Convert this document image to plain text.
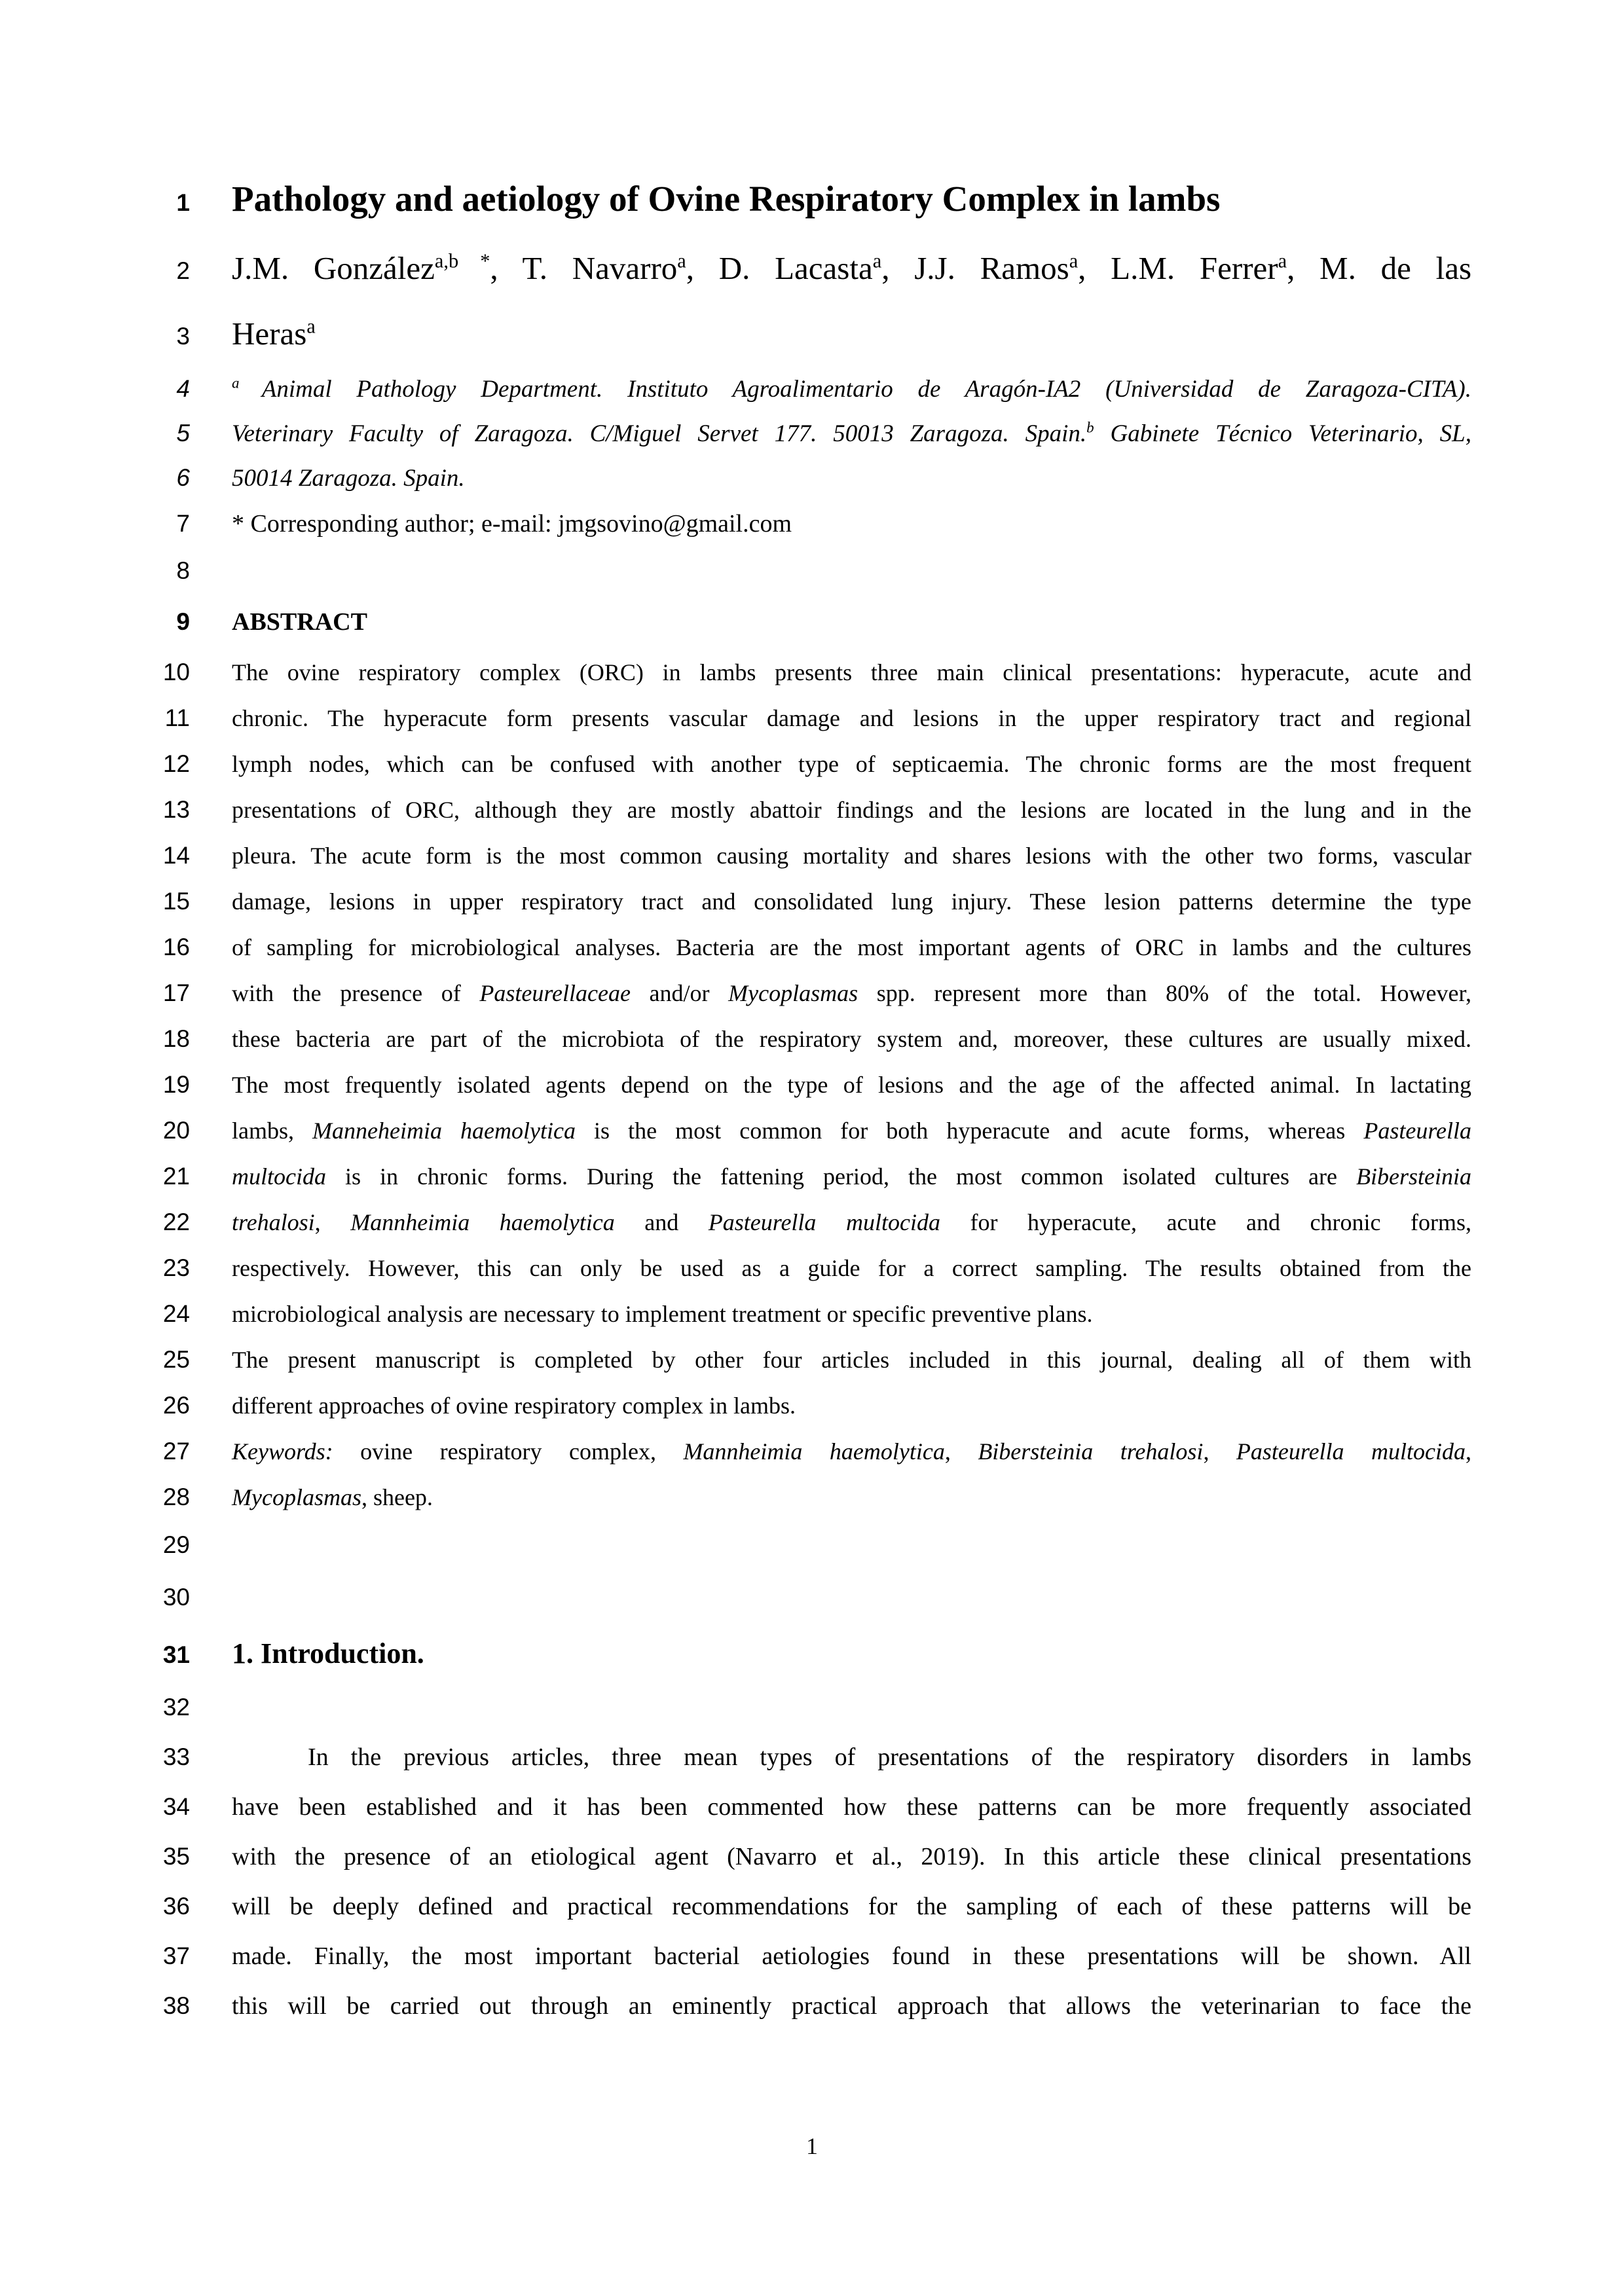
1 Pathology and aetiology of Ovine Respiratory Complex in lambs
2 J.M. González$^{a,b *}$, T. Navarro$^a$, D. Lacasta$^a$, J.J. Ramos$^a$, L.M. Ferrer$^a$, M. de las
3 Heras$^a$
4	$^a$ Animal Pathology Department. Instituto Agroalimentario de Aragón-IA2 (Universidad de Zaragoza-CITA).
5 Veterinary Faculty of Zaragoza. C/Miguel Servet 177. 50013 Zaragoza. Spain.$^b$ Gabinete Técnico Veterinario, SL,
6 50014 Zaragoza. Spain.
7 * Corresponding author; e-mail: jmgsovino@gmail.com
8
9 ABSTRACT
10 The ovine respiratory complex (ORC) in lambs presents three main clinical presentations: hyperacute, acute and
11 chronic. The hyperacute form presents vascular damage and lesions in the upper respiratory tract and regional
12 lymph nodes, which can be confused with another type of septicaemia. The chronic forms are the most frequent
13 presentations of ORC, although they are mostly abattoir findings and the lesions are located in the lung and in the
14 pleura. The acute form is the most common causing mortality and shares lesions with the other two forms, vascular
15 damage, lesions in upper respiratory tract and consolidated lung injury. These lesion patterns determine the type
16 of sampling for microbiological analyses. Bacteria are the most important agents of ORC in lambs and the cultures
17 with the presence of Pasteurellaceae and/or Mycoplasmas spp. represent more than 80% of the total. However,
18 these bacteria are part of the microbiota of the respiratory system and, moreover, these cultures are usually mixed.
19 The most frequently isolated agents depend on the type of lesions and the age of the affected animal. In lactating
20 lambs, Manneheimia haemolytica is the most common for both hyperacute and acute forms, whereas Pasteurella
21 multocida is in chronic forms. During the fattening period, the most common isolated cultures are Bibersteinia
22 trehalosi, Mannheimia haemolytica and Pasteurella multocida for hyperacute, acute and chronic forms,
23 respectively. However, this can only be used as a guide for a correct sampling. The results obtained from the
24 microbiological analysis are necessary to implement treatment or specific preventive plans.
25 The present manuscript is completed by other four articles included in this journal, dealing all of them with
26 different approaches of ovine respiratory complex in lambs.
27 Keywords: ovine respiratory complex, Mannheimia haemolytica, Bibersteinia trehalosi, Pasteurella multocida,
28 Mycoplasmas, sheep.
29
30
31 1. Introduction.
32
33	In the previous articles, three mean types of presentations of the respiratory disorders in lambs
34 have been established and it has been commented how these patterns can be more frequently associated
35 with the presence of an etiological agent (Navarro et al., 2019). In this article these clinical presentations
36 will be deeply defined and practical recommendations for the sampling of each of these patterns will be
37 made. Finally, the most important bacterial aetiologies found in these presentations will be shown. All
38 this will be carried out through an eminently practical approach that allows the veterinarian to face the
1
